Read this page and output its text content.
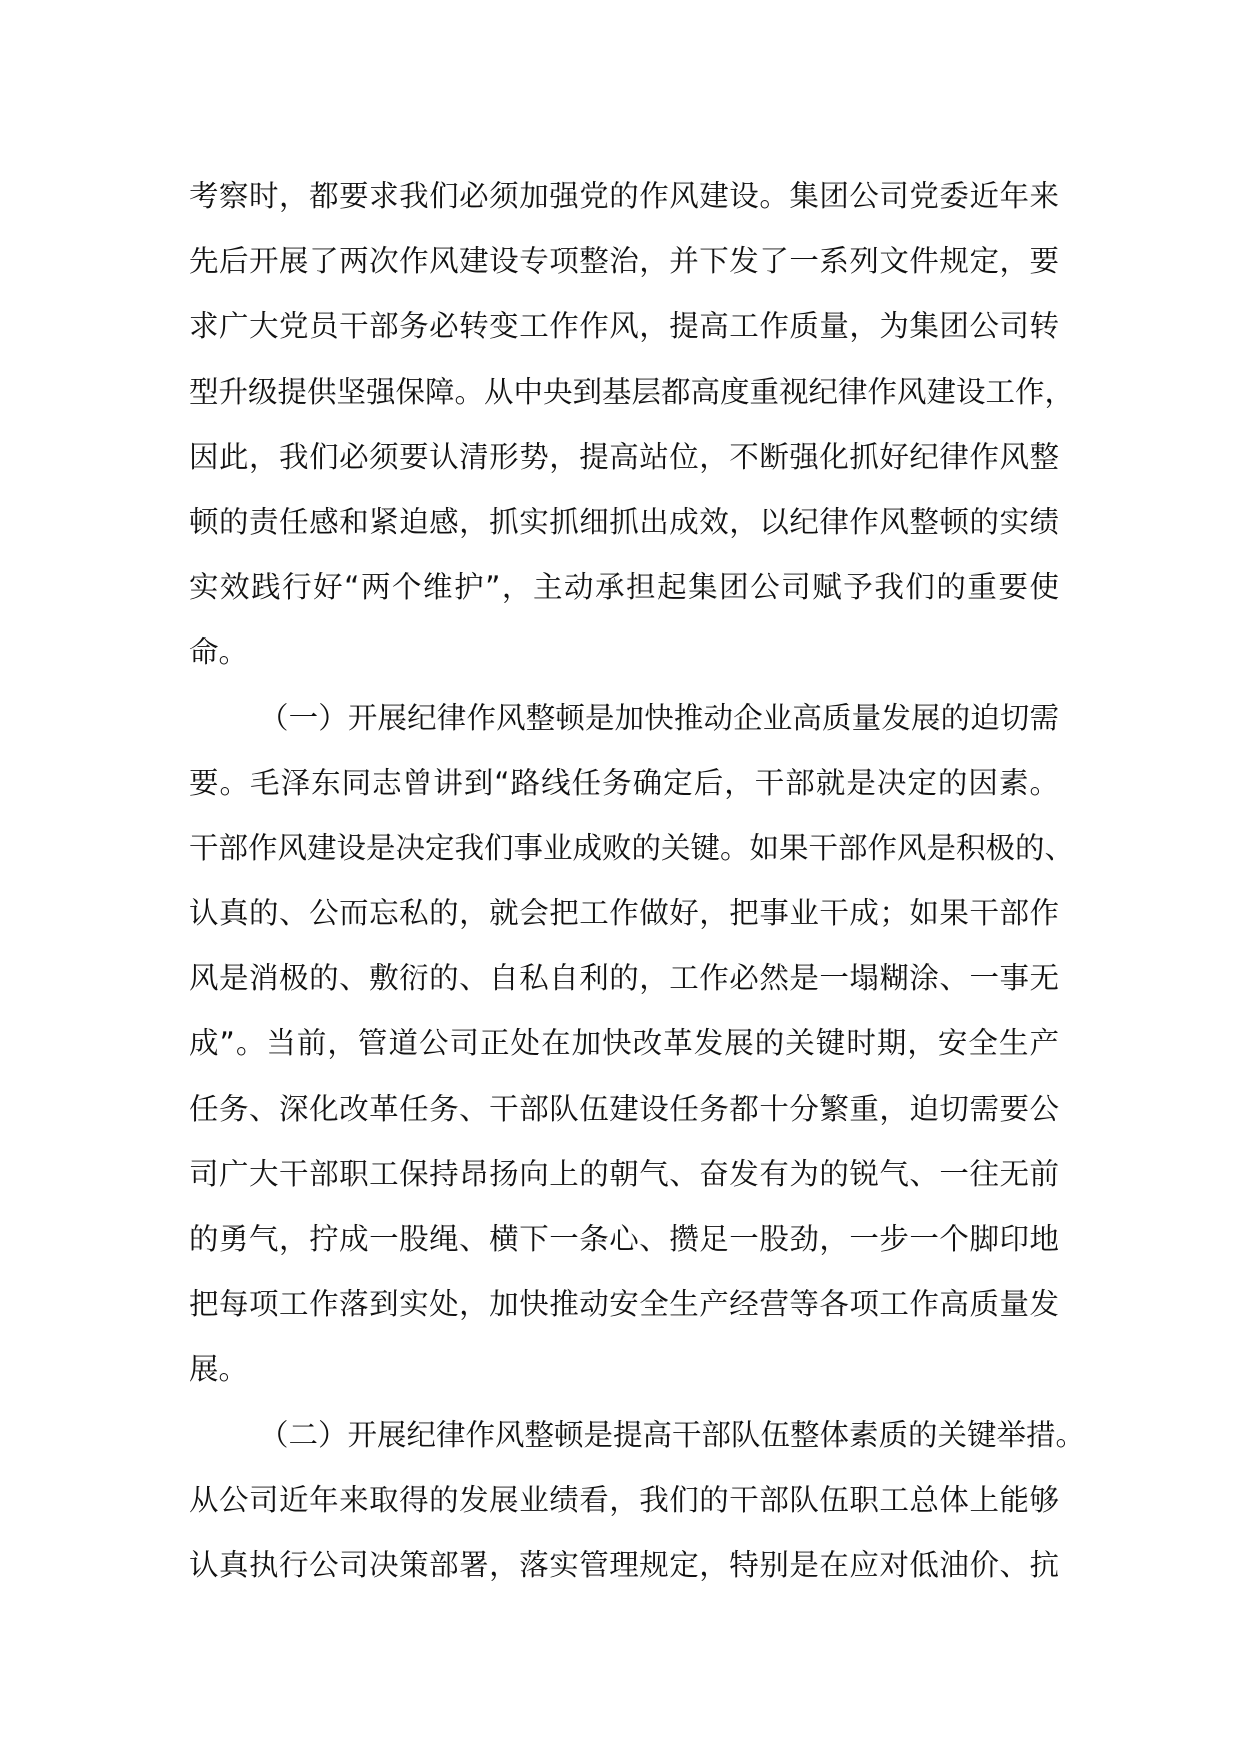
考察时，都要求我们必须加强党的作风建设。集团公司党委近年来
先后开展了两次作风建设专项整治，并下发了一系列文件规定，要
求广大党员干部务必转变工作作风，提高工作质量，为集团公司转
型升级提供坚强保障。从中央到基层都高度重视纪律作风建设工作，
因此，我们必须要认清形势，提高站位，不断强化抓好纪律作风整
顿的责任感和紧迫感，抓实抓细抓出成效，以纪律作风整顿的实绩
实效践行好“两个维护”，主动承担起集团公司赋予我们的重要使
命。
（一）开展纪律作风整顿是加快推动企业高质量发展的迫切需
要。毛泽东同志曾讲到“路线任务确定后，干部就是决定的因素。
干部作风建设是决定我们事业成败的关键。如果干部作风是积极的、
认真的、公而忘私的，就会把工作做好，把事业干成；如果干部作
风是消极的、敷衍的、自私自利的，工作必然是一塌糊涂、一事无
成”。当前，管道公司正处在加快改革发展的关键时期，安全生产
任务、深化改革任务、干部队伍建设任务都十分繁重，迫切需要公
司广大干部职工保持昂扬向上的朝气、奋发有为的锐气、一往无前
的勇气，拧成一股绳、横下一条心、攒足一股劲，一步一个脚印地
把每项工作落到实处，加快推动安全生产经营等各项工作高质量发
展。
（二）开展纪律作风整顿是提高干部队伍整体素质的关键举措。
从公司近年来取得的发展业绩看，我们的干部队伍职工总体上能够
认真执行公司决策部署，落实管理规定，特别是在应对低油价、抗
